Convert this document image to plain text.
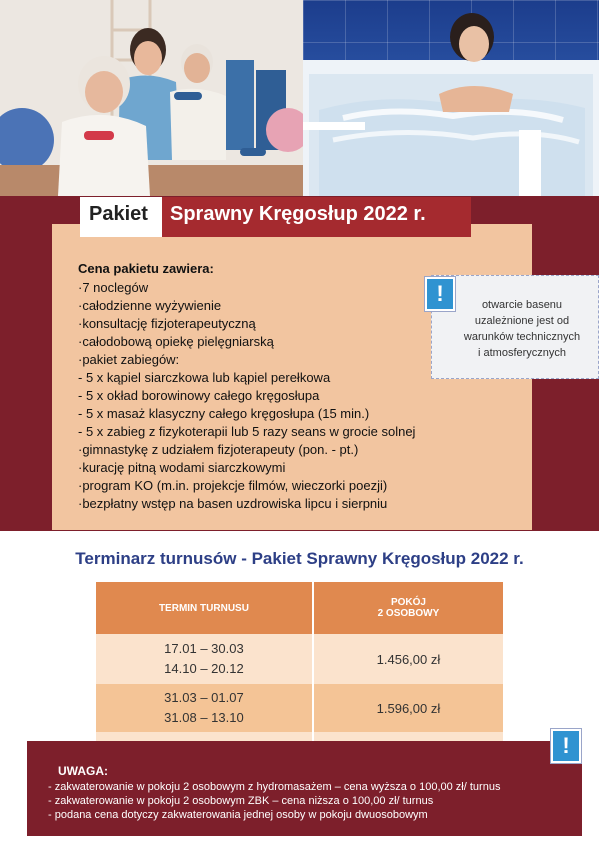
Pakiet Sprawny Kręgosłup 2022 r.
Cena pakietu zawiera:
·7 noclegów
·całodzienne wyżywienie
·konsultację fizjoterapeutyczną
·całodobową opiekę pielęgniarską
·pakiet zabiegów:
- 5 x kąpiel siarczkowa lub kąpiel perełkowa
- 5 x okład borowinowy całego kręgosłupa
- 5 x masaż klasyczny całego kręgosłupa (15 min.)
- 5 x zabieg z fizykoterapii lub 5 razy seans w grocie solnej
·gimnastykę z udziałem fizjoterapeuty (pon. - pt.)
·kurację pitną wodami siarczkowymi
·program KO (m.in. projekcje filmów, wieczorki poezji)
·bezpłatny wstęp na basen uzdrowiska lipcu i sierpniu
!	otwarcie basenu
uzależnione jest od
warunków technicznych
i atmosferycznych
Terminarz turnusów - Pakiet Sprawny Kręgosłup 2022 r.
TERMIN TURNUSU	POKÓJ
2 OSOBOWY

17.01 – 30.03
14.10 – 20.12	1.456,00 zł

31.03 – 01.07
31.08 – 13.10	1.596,00 zł

!
UWAGA:
- zakwaterowanie w pokoju 2 osobowym z hydromasażem – cena wyższa o 100,00 zł/ turnus
- zakwaterowanie w pokoju 2 osobowym ZBK – cena niższa o 100,00 zł/ turnus
- podana cena dotyczy zakwaterowania jednej osoby w pokoju dwuosobowym
